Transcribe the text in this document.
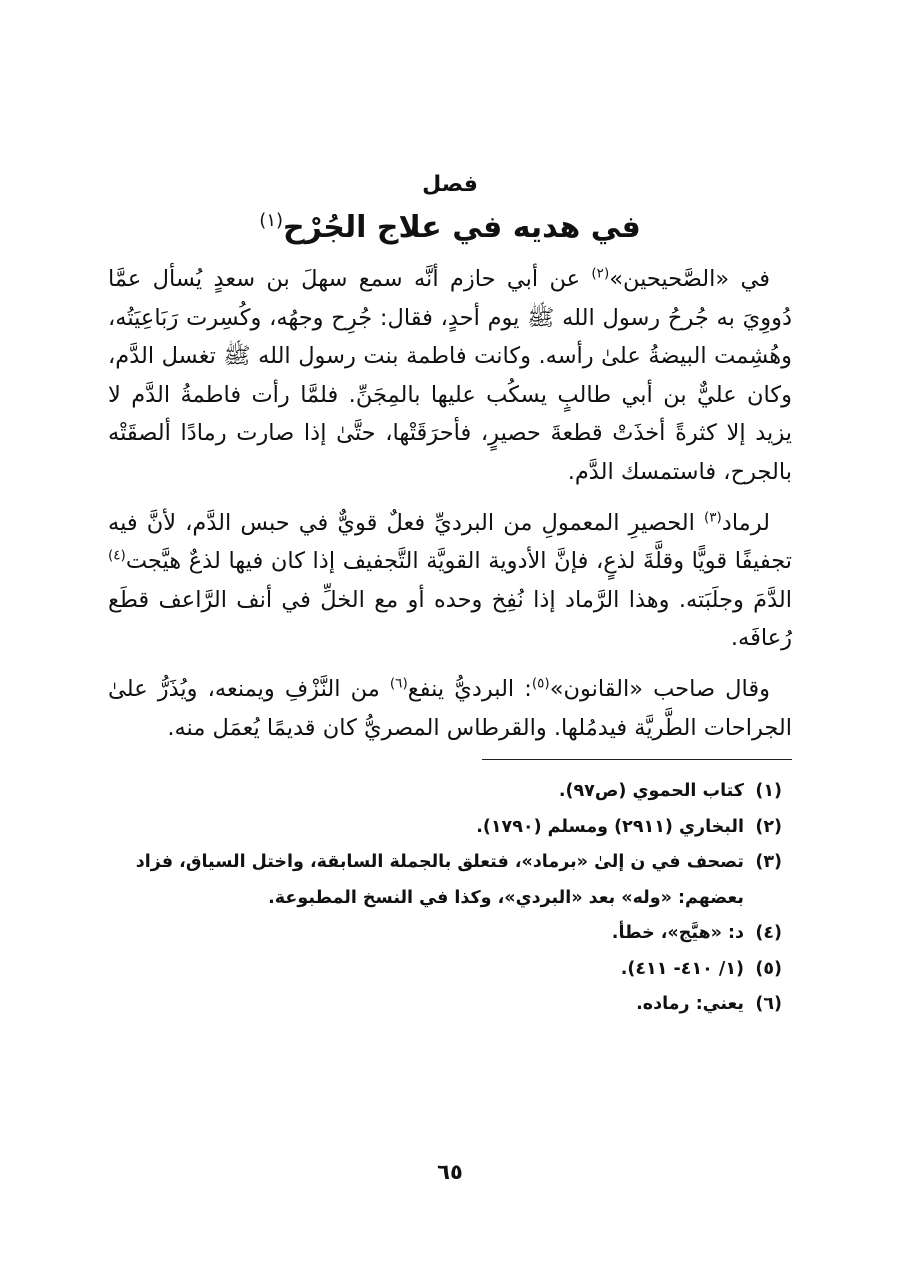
فصل
في هديه في علاج الجُرْح$^{(١)}$

في «الصَّحيحين»$^{(٢)}$ عن أبي حازم أنَّه سمع سهلَ بن سعدٍ يُسأل عمَّا دُووِيَ به جُرحُ رسول الله ﷺ يوم أحدٍ، فقال: جُرِح وجهُه، وكُسِرت رَبَاعِيَتُه، وهُشِمت البيضةُ علىٰ رأسه. وكانت فاطمة بنت رسول الله ﷺ تغسل الدَّم، وكان عليٌّ بن أبي طالبٍ يسكُب عليها بالمِجَنِّ. فلمَّا رأت فاطمةُ الدَّم لا يزيد إلا كثرةً أخذَتْ قطعةَ حصيرٍ، فأحرَقَتْها، حتَّىٰ إذا صارت رمادًا ألصقَتْه بالجرح، فاستمسك الدَّم.

لرماد$^{(٣)}$ الحصيرِ المعمولِ من البرديِّ فعلٌ قويٌّ في حبس الدَّم، لأنَّ فيه تجفيفًا قويًّا وقلَّةَ لذعٍ، فإنَّ الأدوية القويَّة التَّجفيف إذا كان فيها لذعٌ هيَّجت$^{(٤)}$ الدَّمَ وجلَبَته. وهذا الرَّماد إذا نُفِخ وحده أو مع الخلِّ في أنف الرَّاعف قطَع رُعافَه.

وقال صاحب «القانون»$^{(٥)}$: البرديُّ ينفع$^{(٦)}$ من النَّزْفِ ويمنعه، ويُذَرُّ علىٰ الجراحات الطَّريَّة فيدمُلها. والقرطاس المصريُّ كان قديمًا يُعمَل منه.

(١)
كتاب الحموي (ص٩٧).
(٢)
البخاري (٢٩١١) ومسلم (١٧٩٠).
(٣)
تصحف في ن إلىٰ «برماد»، فتعلق بالجملة السابقة، واختل السياق، فزاد بعضهم: «وله» بعد «البردي»، وكذا في النسخ المطبوعة.
(٤)
د: «هيَّج»، خطأ.
(٥)
(١/ ٤١٠- ٤١١).
(٦)
يعني: رماده.
٦٥
